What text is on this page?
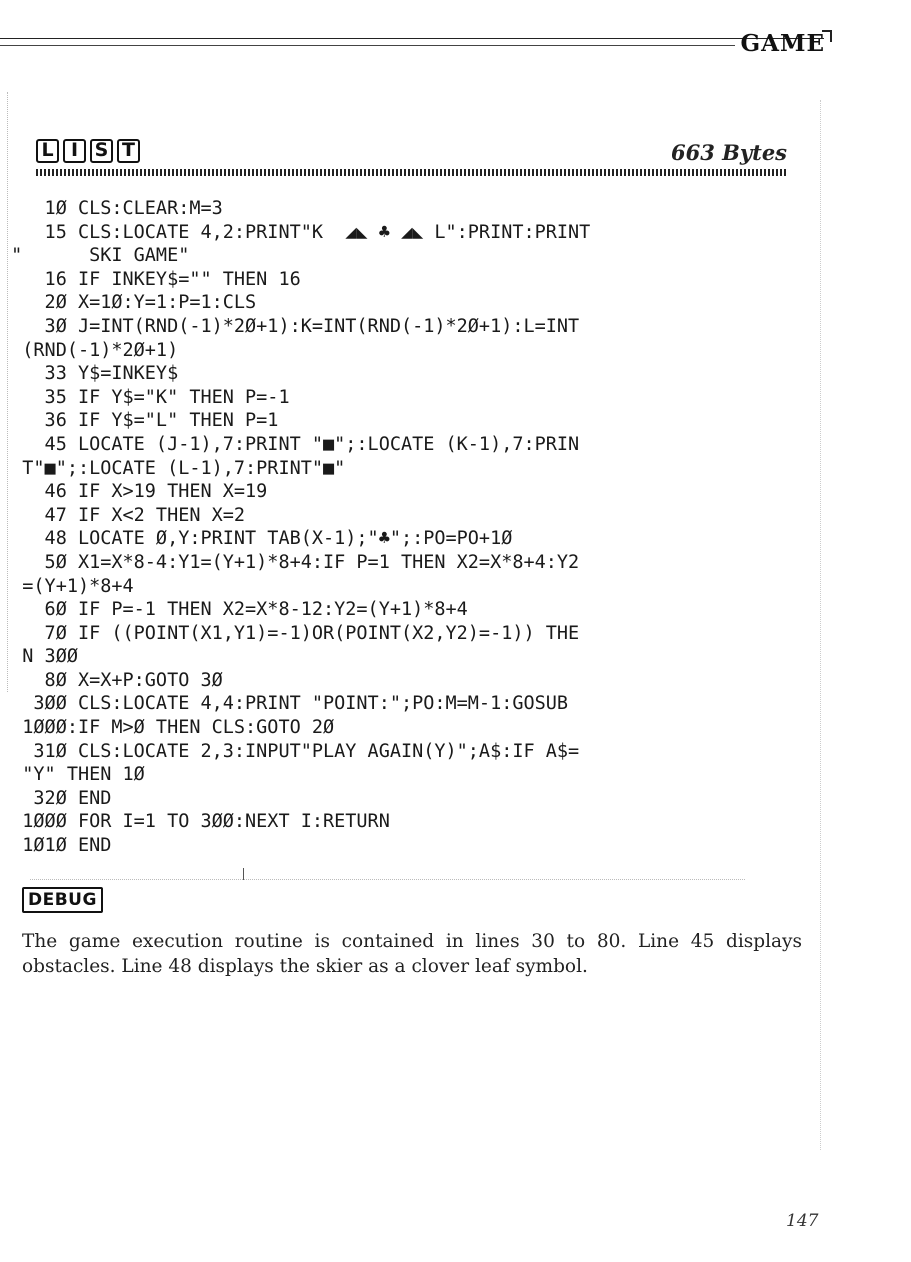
GAME
L I S T	663 Bytes
1Ø CLS:CLEAR:M=3
15 CLS:LOCATE 4,2:PRINT"K  ◢◣ ♣ ◢◣ L":PRINT:PRINT
"      SKI GAME"
16 IF INKEY$="" THEN 16
2Ø X=1Ø:Y=1:P=1:CLS
3Ø J=INT(RND(-1)*2Ø+1):K=INT(RND(-1)*2Ø+1):L=INT
(RND(-1)*2Ø+1)
33 Y$=INKEY$
35 IF Y$="K" THEN P=-1
36 IF Y$="L" THEN P=1
45 LOCATE (J-1),7:PRINT "■";:LOCATE (K-1),7:PRIN
T"■";:LOCATE (L-1),7:PRINT"■"
46 IF X>19 THEN X=19
47 IF X<2 THEN X=2
48 LOCATE Ø,Y:PRINT TAB(X-1);"♣";:PO=PO+1Ø
5Ø X1=X*8-4:Y1=(Y+1)*8+4:IF P=1 THEN X2=X*8+4:Y2
=(Y+1)*8+4
6Ø IF P=-1 THEN X2=X*8-12:Y2=(Y+1)*8+4
7Ø IF ((POINT(X1,Y1)=-1)OR(POINT(X2,Y2)=-1)) THE
N 3ØØ
8Ø X=X+P:GOTO 3Ø
3ØØ CLS:LOCATE 4,4:PRINT "POINT:";PO:M=M-1:GOSUB
1ØØØ:IF M>Ø THEN CLS:GOTO 2Ø
31Ø CLS:LOCATE 2,3:INPUT"PLAY AGAIN(Y)";A$:IF A$=
"Y" THEN 1Ø
32Ø END
1ØØØ FOR I=1 TO 3ØØ:NEXT I:RETURN
1Ø1Ø END
DEBUG
The game execution routine is contained in lines 30 to 80. Line 45 displays obstacles. Line 48 displays the skier as a clover leaf symbol.
147
